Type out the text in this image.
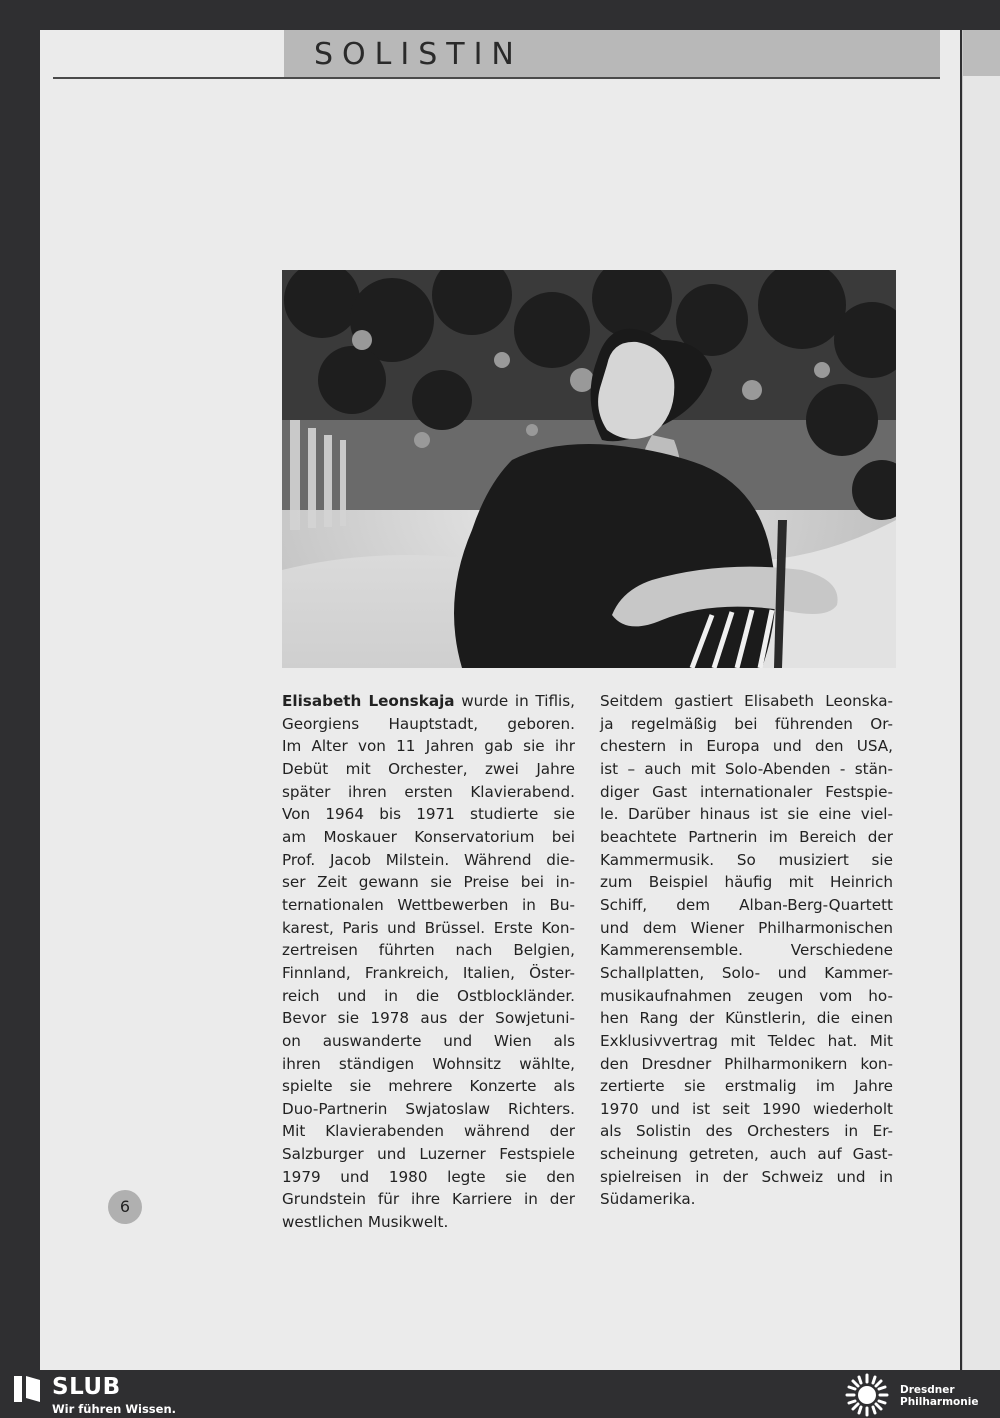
SOLISTIN
Elisabeth Leonskaja wurde in Tiflis,
Georgiens Hauptstadt, geboren.
Im Alter von 11 Jahren gab sie ihr
Debüt mit Orchester, zwei Jahre
später ihren ersten Klavierabend.
Von 1964 bis 1971 studierte sie
am Moskauer Konservatorium bei
Prof. Jacob Milstein. Während die-
ser Zeit gewann sie Preise bei in-
ternationalen Wettbewerben in Bu-
karest, Paris und Brüssel. Erste Kon-
zertreisen führten nach Belgien,
Finnland, Frankreich, Italien, Öster-
reich und in die Ostblockländer.
Bevor sie 1978 aus der Sowjetuni-
on auswanderte und Wien als
ihren ständigen Wohnsitz wählte,
spielte sie mehrere Konzerte als
Duo-Partnerin Swjatoslaw Richters.
Mit Klavierabenden während der
Salzburger und Luzerner Festspiele
1979 und 1980 legte sie den
Grundstein für ihre Karriere in der
westlichen Musikwelt.
Seitdem gastiert Elisabeth Leonska-
ja regelmäßig bei führenden Or-
chestern in Europa und den USA,
ist – auch mit Solo-Abenden - stän-
diger Gast internationaler Festspie-
le. Darüber hinaus ist sie eine viel-
beachtete Partnerin im Bereich der
Kammermusik. So musiziert sie
zum Beispiel häufig mit Heinrich
Schiff, dem Alban-Berg-Quartett
und dem Wiener Philharmonischen
Kammerensemble. Verschiedene
Schallplatten, Solo- und Kammer-
musikaufnahmen zeugen vom ho-
hen Rang der Künstlerin, die einen
Exklusivvertrag mit Teldec hat. Mit
den Dresdner Philharmonikern kon-
zertierte sie erstmalig im Jahre
1970 und ist seit 1990 wiederholt
als Solistin des Orchesters in Er-
scheinung getreten, auch auf Gast-
spielreisen in der Schweiz und in
Südamerika.
6
SLUB
Wir führen Wissen.
Dresdner
Philharmonie
